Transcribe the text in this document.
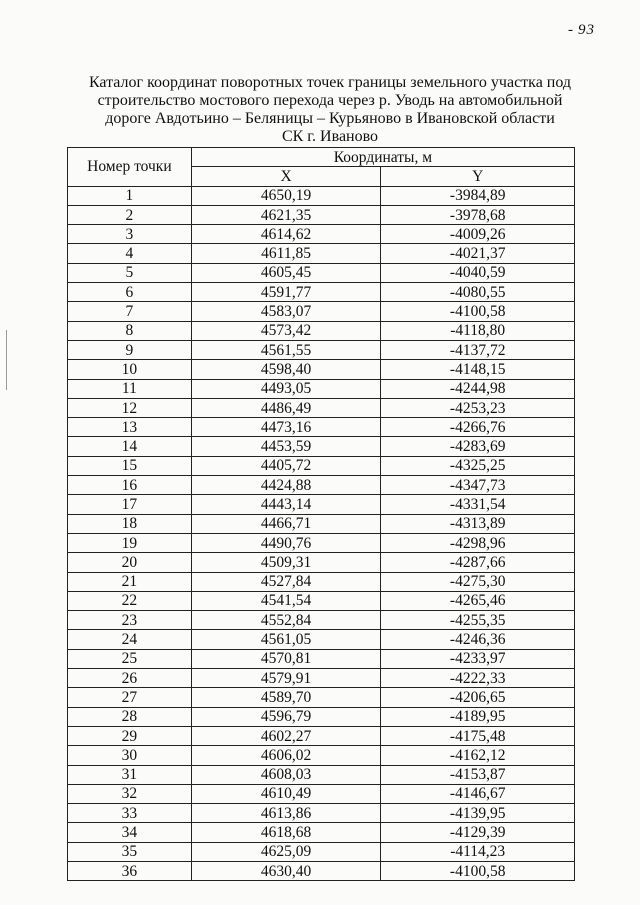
- 93
Каталог координат поворотных точек границы земельного участка под
строительство мостового перехода через р. Уводь на автомобильной
дороге Авдотьино – Беляницы – Курьяново в Ивановской области
СК г. Иваново
Номер точки	Координаты, м	
	X	Y
1	4650,19	-3984,89
2	4621,35	-3978,68
3	4614,62	-4009,26
4	4611,85	-4021,37
5	4605,45	-4040,59
6	4591,77	-4080,55
7	4583,07	-4100,58
8	4573,42	-4118,80
9	4561,55	-4137,72
10	4598,40	-4148,15
11	4493,05	-4244,98
12	4486,49	-4253,23
13	4473,16	-4266,76
14	4453,59	-4283,69
15	4405,72	-4325,25
16	4424,88	-4347,73
17	4443,14	-4331,54
18	4466,71	-4313,89
19	4490,76	-4298,96
20	4509,31	-4287,66
21	4527,84	-4275,30
22	4541,54	-4265,46
23	4552,84	-4255,35
24	4561,05	-4246,36
25	4570,81	-4233,97
26	4579,91	-4222,33
27	4589,70	-4206,65
28	4596,79	-4189,95
29	4602,27	-4175,48
30	4606,02	-4162,12
31	4608,03	-4153,87
32	4610,49	-4146,67
33	4613,86	-4139,95
34	4618,68	-4129,39
35	4625,09	-4114,23
36	4630,40	-4100,58
